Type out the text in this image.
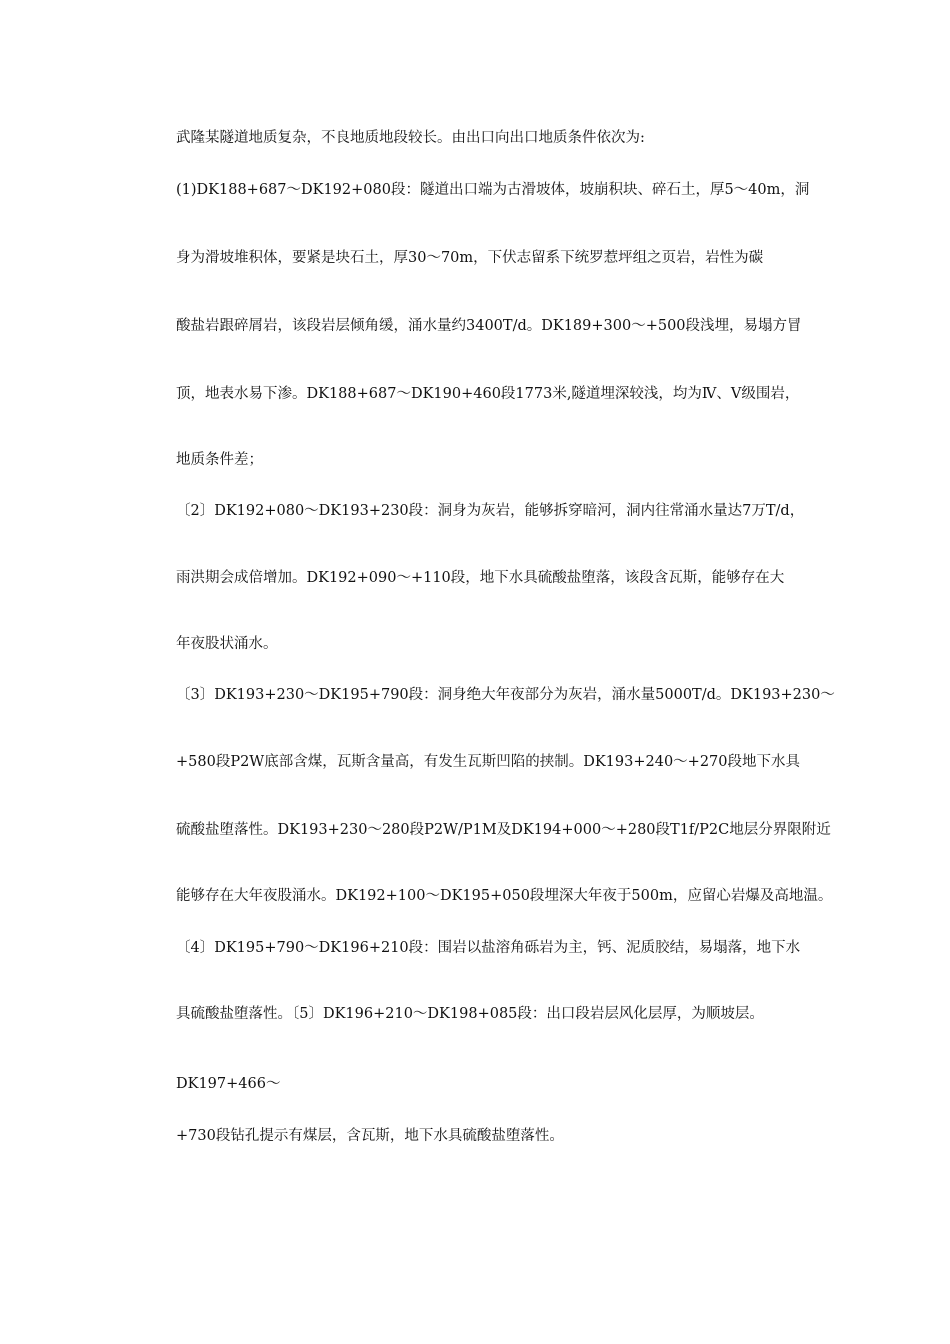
武隆某隧道地质复杂，不良地质地段较长。由出口向出口地质条件依次为:
(1)DK188+687～DK192+080段：隧道出口端为古滑坡体，坡崩积块、碎石土，厚5～40m，洞
身为滑坡堆积体，要紧是块石土，厚30～70m，下伏志留系下统罗惹坪组之页岩，岩性为碳
酸盐岩跟碎屑岩，该段岩层倾角缓，涌水量约3400T/d。DK189+300～+500段浅埋，易塌方冒
顶，地表水易下渗。DK188+687～DK190+460段1773米,隧道埋深较浅，均为Ⅳ、Ⅴ级围岩，
地质条件差；
〔2〕DK192+080～DK193+230段：洞身为灰岩，能够拆穿暗河，洞内往常涌水量达7万T/d，
雨洪期会成倍增加。DK192+090～+110段，地下水具硫酸盐堕落，该段含瓦斯，能够存在大
年夜股状涌水。
〔3〕DK193+230～DK195+790段：洞身绝大年夜部分为灰岩，涌水量5000T/d。DK193+230～
+580段P2W底部含煤，瓦斯含量高，有发生瓦斯凹陷的挟制。DK193+240～+270段地下水具
硫酸盐堕落性。DK193+230～280段P2W/P1M及DK194+000～+280段T1f/P2C地层分界限附近
能够存在大年夜股涌水。DK192+100～DK195+050段埋深大年夜于500m，应留心岩爆及高地温。
〔4〕DK195+790～DK196+210段：围岩以盐溶角砾岩为主，钙、泥质胶结，易塌落，地下水
具硫酸盐堕落性。〔5〕DK196+210～DK198+085段：出口段岩层风化层厚，为顺坡层。
DK197+466～
+730段钻孔提示有煤层，含瓦斯，地下水具硫酸盐堕落性。
